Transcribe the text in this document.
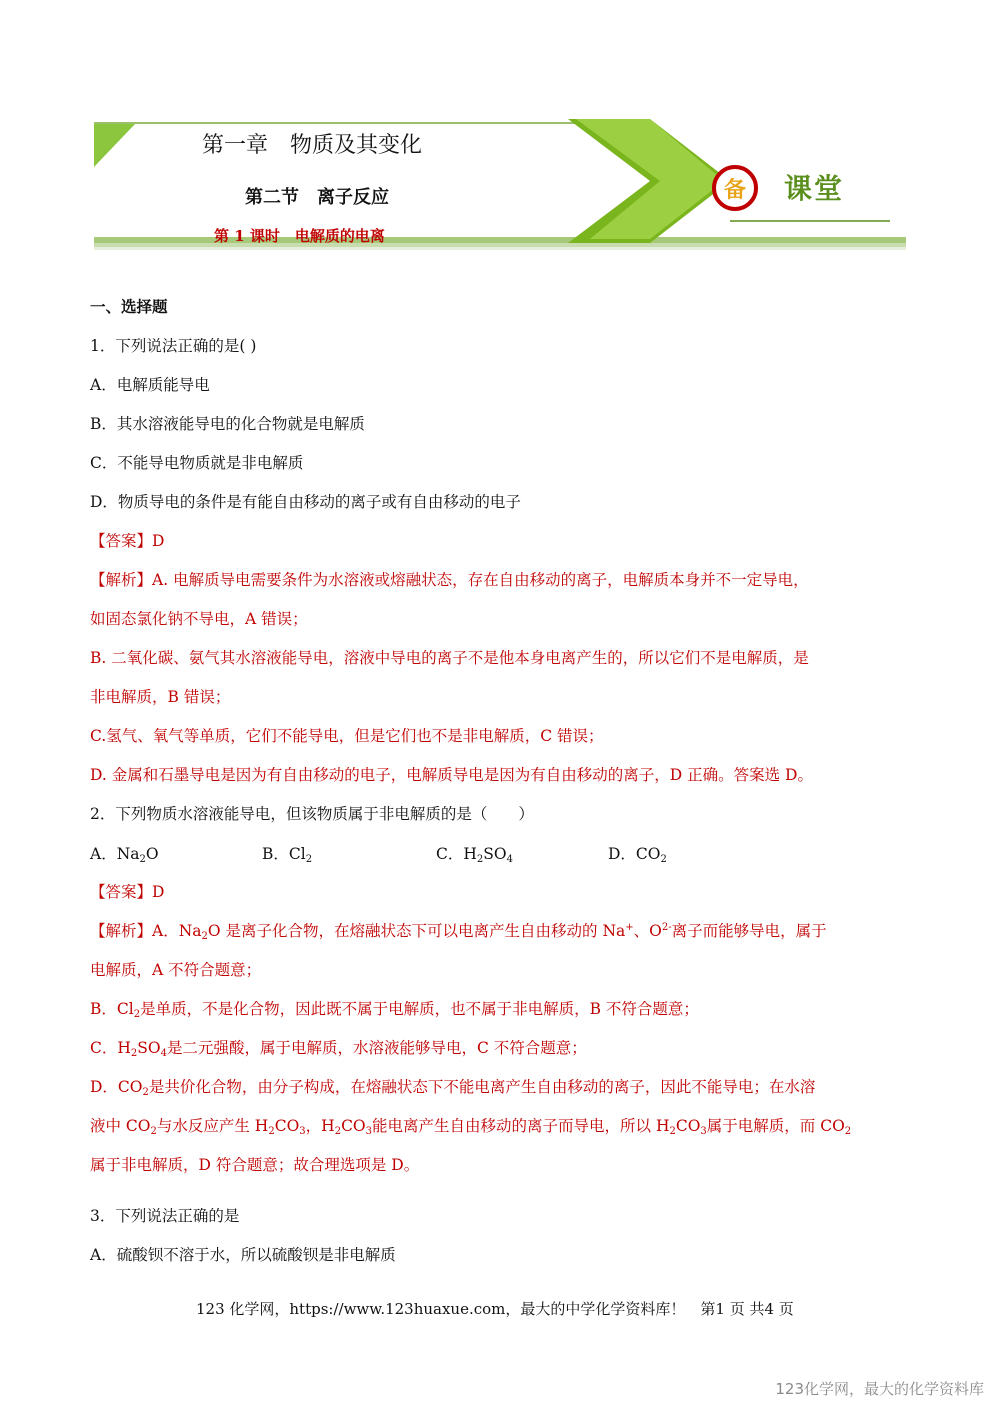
第一章　物质及其变化
第二节　离子反应
第 1 课时　电解质的电离
备 课堂
一、选择题
1．下列说法正确的是( )
A．电解质能导电
B．其水溶液能导电的化合物就是电解质
C．不能导电物质就是非电解质
D．物质导电的条件是有能自由移动的离子或有自由移动的电子
【答案】D
【解析】A. 电解质导电需要条件为水溶液或熔融状态，存在自由移动的离子，电解质本身并不一定导电，
如固态氯化钠不导电，A 错误；
B. 二氧化碳、氨气其水溶液能导电，溶液中导电的离子不是他本身电离产生的，所以它们不是电解质，是
非电解质，B 错误；
C.氢气、氧气等单质，它们不能导电，但是它们也不是非电解质，C 错误；
D. 金属和石墨导电是因为有自由移动的电子，电解质导电是因为有自由移动的离子，D 正确。答案选 D。
2．下列物质水溶液能导电，但该物质属于非电解质的是（　　）
A．$Na_2O$	B．$Cl_2$	C．$H_2SO_4$	D．$CO_2$
【答案】D
【解析】A．$Na_2O$ 是离子化合物，在熔融状态下可以电离产生自由移动的 Na+、$O^{2-}$离子而能够导电，属于
电解质，A 不符合题意；
B．$Cl_2$是单质，不是化合物，因此既不属于电解质，也不属于非电解质，B 不符合题意；
C．$H_2SO_4$是二元强酸，属于电解质，水溶液能够导电，C 不符合题意；
D．$CO_2$是共价化合物，由分子构成，在熔融状态下不能电离产生自由移动的离子，因此不能导电；在水溶
液中 $CO_2$与水反应产生 $H_2CO_3$，$H_2CO_3$能电离产生自由移动的离子而导电，所以 $H_2CO_3$属于电解质，而 $CO_2$
属于非电解质，D 符合题意；故合理选项是 D。
3．下列说法正确的是
A．硫酸钡不溶于水，所以硫酸钡是非电解质
123 化学网，https://www.123huaxue.com，最大的中学化学资料库！　第1 页 共4 页
123化学网，最大的化学资料库
